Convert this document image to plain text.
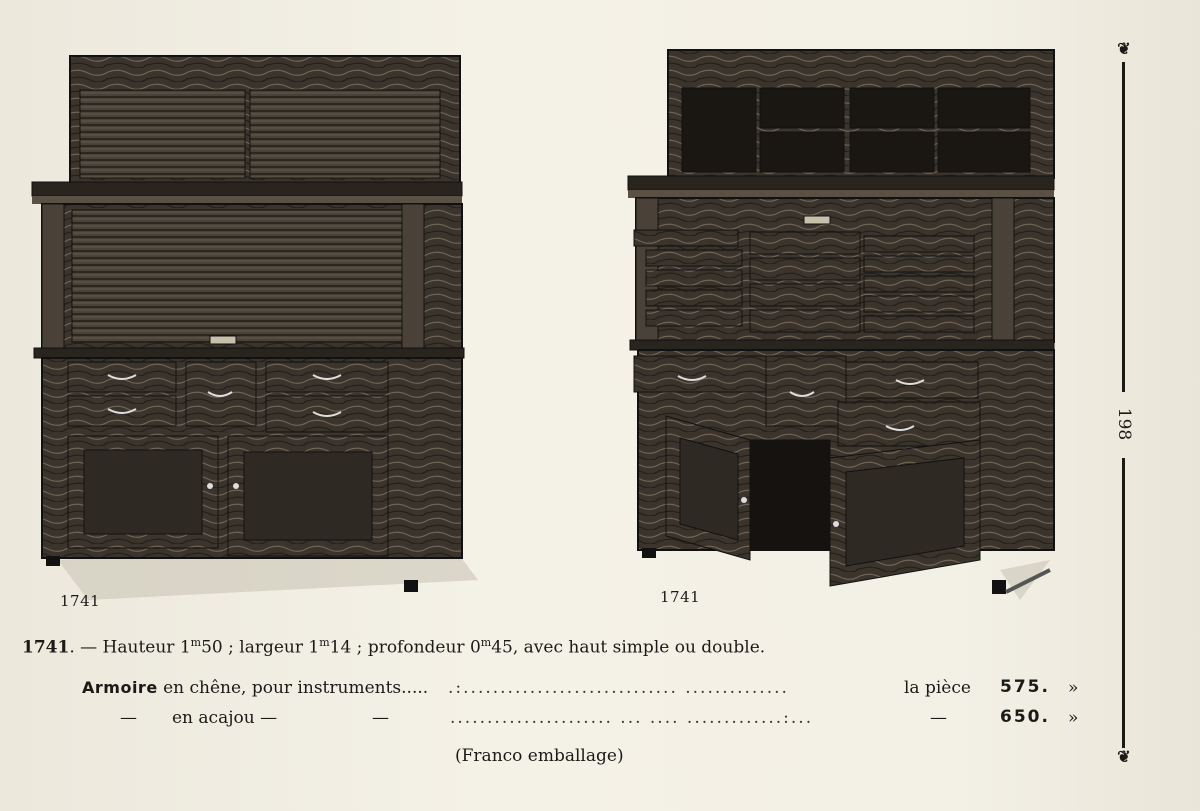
1741	1741
❦
198
❦
1741. — Hauteur 1$^m$50 ; largeur 1$^m$14 ; profondeur 0$^m$45, avec haut simple ou double.
Armoire en chêne, pour instruments..... .:............................. ..............	la pièce 575. »
— en acajou —	—	...................... ... .... .............:...	—	650. »
(Franco emballage)
